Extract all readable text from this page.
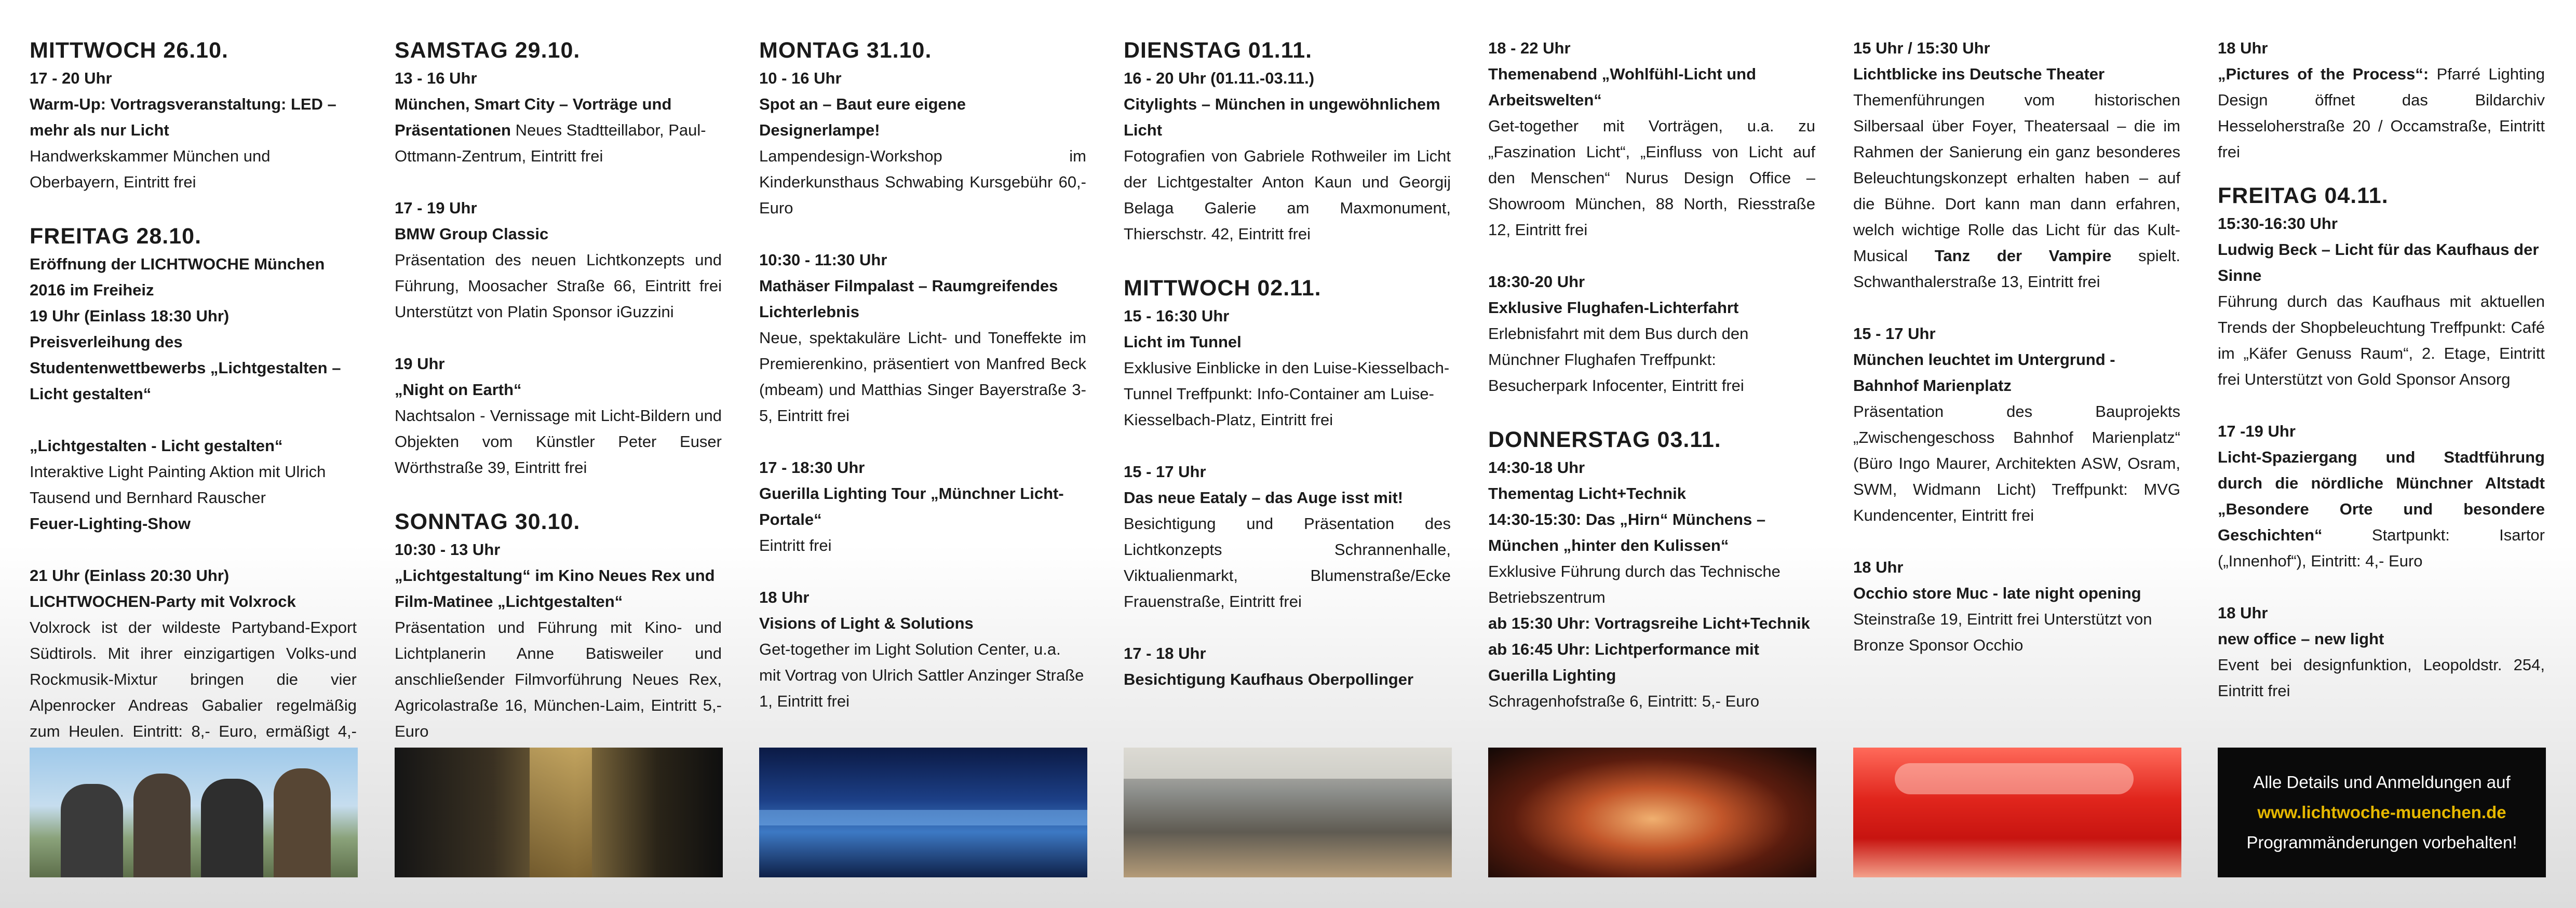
MITTWOCH 26.10.
17 - 20 Uhr
Warm-Up: Vortragsveranstaltung: LED – mehr als nur Licht
Handwerkskammer München und Oberbayern, Eintritt frei
FREITAG 28.10.
Eröffnung der LICHTWOCHE München 2016 im Freiheiz
19 Uhr (Einlass 18:30 Uhr)
Preisverleihung des Studentenwettbewerbs „Lichtgestalten – Licht gestalten“
„Lichtgestalten - Licht gestalten“
Interaktive Light Painting Aktion mit Ulrich Tausend und Bernhard Rauscher
Feuer-Lighting-Show
21 Uhr (Einlass 20:30 Uhr)
LICHTWOCHEN-Party mit Volxrock
Volxrock ist der wildeste Partyband-Export Südtirols. Mit ihrer einzigartigen Volks-und Rockmusik-Mixtur bringen die vier Alpenrocker Andreas Gabalier regelmäßig zum Heulen. Eintritt: 8,- Euro, ermäßigt 4,-
SAMSTAG 29.10.
13 - 16 Uhr
München, Smart City – Vorträge und Präsentationen Neues Stadtteillabor, Paul-Ottmann-Zentrum, Eintritt frei
17 - 19 Uhr
BMW Group Classic
Präsentation des neuen Lichtkonzepts und Führung, Moosacher Straße 66, Eintritt frei Unterstützt von Platin Sponsor iGuzzini
19 Uhr
„Night on Earth“
Nachtsalon - Vernissage mit Licht-Bildern und Objekten vom Künstler Peter Euser Wörthstraße 39, Eintritt frei
SONNTAG 30.10.
10:30 - 13 Uhr
„Lichtgestaltung“ im Kino Neues Rex und Film-Matinee „Lichtgestalten“
Präsentation und Führung mit Kino- und Lichtplanerin Anne Batisweiler und anschließender Filmvorführung Neues Rex, Agricolastraße 16, München-Laim, Eintritt 5,- Euro
MONTAG 31.10.
10 - 16 Uhr
Spot an – Baut eure eigene Designerlampe!
Lampendesign-Workshop im Kinderkunsthaus Schwabing Kursgebühr 60,- Euro
10:30 - 11:30 Uhr
Mathäser Filmpalast – Raumgreifendes Lichterlebnis
Neue, spektakuläre Licht- und Toneffekte im Premierenkino, präsentiert von Manfred Beck (mbeam) und Matthias Singer Bayerstraße 3-5, Eintritt frei
17 - 18:30 Uhr
Guerilla Lighting Tour „Münchner Licht-Portale“
Eintritt frei
18 Uhr
Visions of Light & Solutions
Get-together im Light Solution Center, u.a. mit Vortrag von Ulrich Sattler Anzinger Straße 1, Eintritt frei
DIENSTAG 01.11.
16 - 20 Uhr (01.11.-03.11.)
Citylights – München in ungewöhnlichem Licht
Fotografien von Gabriele Rothweiler im Licht der Lichtgestalter Anton Kaun und Georgij Belaga Galerie am Maxmonument, Thierschstr. 42, Eintritt frei
MITTWOCH 02.11.
15 - 16:30 Uhr
Licht im Tunnel
Exklusive Einblicke in den Luise-Kiesselbach-Tunnel Treffpunkt: Info-Container am Luise-Kiesselbach-Platz, Eintritt frei
15 - 17 Uhr
Das neue Eataly – das Auge isst mit!
Besichtigung und Präsentation des Lichtkonzepts Schrannenhalle, Viktualienmarkt, Blumenstraße/Ecke Frauenstraße, Eintritt frei
17 - 18 Uhr
Besichtigung Kaufhaus Oberpollinger
18 - 22 Uhr
Themenabend „Wohlfühl-Licht und Arbeitswelten“
Get-together mit Vorträgen, u.a. zu „Faszination Licht“, „Einfluss von Licht auf den Menschen“ Nurus Design Office – Showroom München, 88 North, Riesstraße 12, Eintritt frei
18:30-20 Uhr
Exklusive Flughafen-Lichterfahrt
Erlebnisfahrt mit dem Bus durch den Münchner Flughafen Treffpunkt: Besucherpark Infocenter, Eintritt frei
DONNERSTAG 03.11.
14:30-18 Uhr
Thementag Licht+Technik
14:30-15:30: Das „Hirn“ Münchens – München „hinter den Kulissen“
Exklusive Führung durch das Technische Betriebszentrum
ab 15:30 Uhr: Vortragsreihe Licht+Technik
ab 16:45 Uhr: Lichtperformance mit Guerilla Lighting
Schragenhofstraße 6, Eintritt: 5,- Euro
15 Uhr / 15:30 Uhr
Lichtblicke ins Deutsche Theater
Themenführungen vom historischen Silbersaal über Foyer, Theatersaal – die im Rahmen der Sanierung ein ganz besonderes Beleuchtungskonzept erhalten haben – auf die Bühne. Dort kann man dann erfahren, welch wichtige Rolle das Licht für das Kult-Musical Tanz der Vampire spielt. Schwanthalerstraße 13, Eintritt frei
15 - 17 Uhr
München leuchtet im Untergrund - Bahnhof Marienplatz
Präsentation des Bauprojekts „Zwischengeschoss Bahnhof Marienplatz“ (Büro Ingo Maurer, Architekten ASW, Osram, SWM, Widmann Licht) Treffpunkt: MVG Kundencenter, Eintritt frei
18 Uhr
Occhio store Muc - late night opening
Steinstraße 19, Eintritt frei Unterstützt von Bronze Sponsor Occhio
18 Uhr
„Pictures of the Process“: Pfarré Lighting Design öffnet das Bildarchiv Hesseloherstraße 20 / Occamstraße, Eintritt frei
FREITAG 04.11.
15:30-16:30 Uhr
Ludwig Beck – Licht für das Kaufhaus der Sinne
Führung durch das Kaufhaus mit aktuellen Trends der Shopbeleuchtung Treffpunkt: Café im „Käfer Genuss Raum“, 2. Etage, Eintritt frei Unterstützt von Gold Sponsor Ansorg
17 -19 Uhr
Licht-Spaziergang und Stadtführung durch die nördliche Münchner Altstadt „Besondere Orte und besondere Geschichten“ Startpunkt: Isartor („Innenhof“), Eintritt: 4,- Euro
18 Uhr
new office – new light
Event bei designfunktion, Leopoldstr. 254, Eintritt frei
Alle Details und Anmeldungen auf
www.lichtwoche-muenchen.de
Programmänderungen vorbehalten!
